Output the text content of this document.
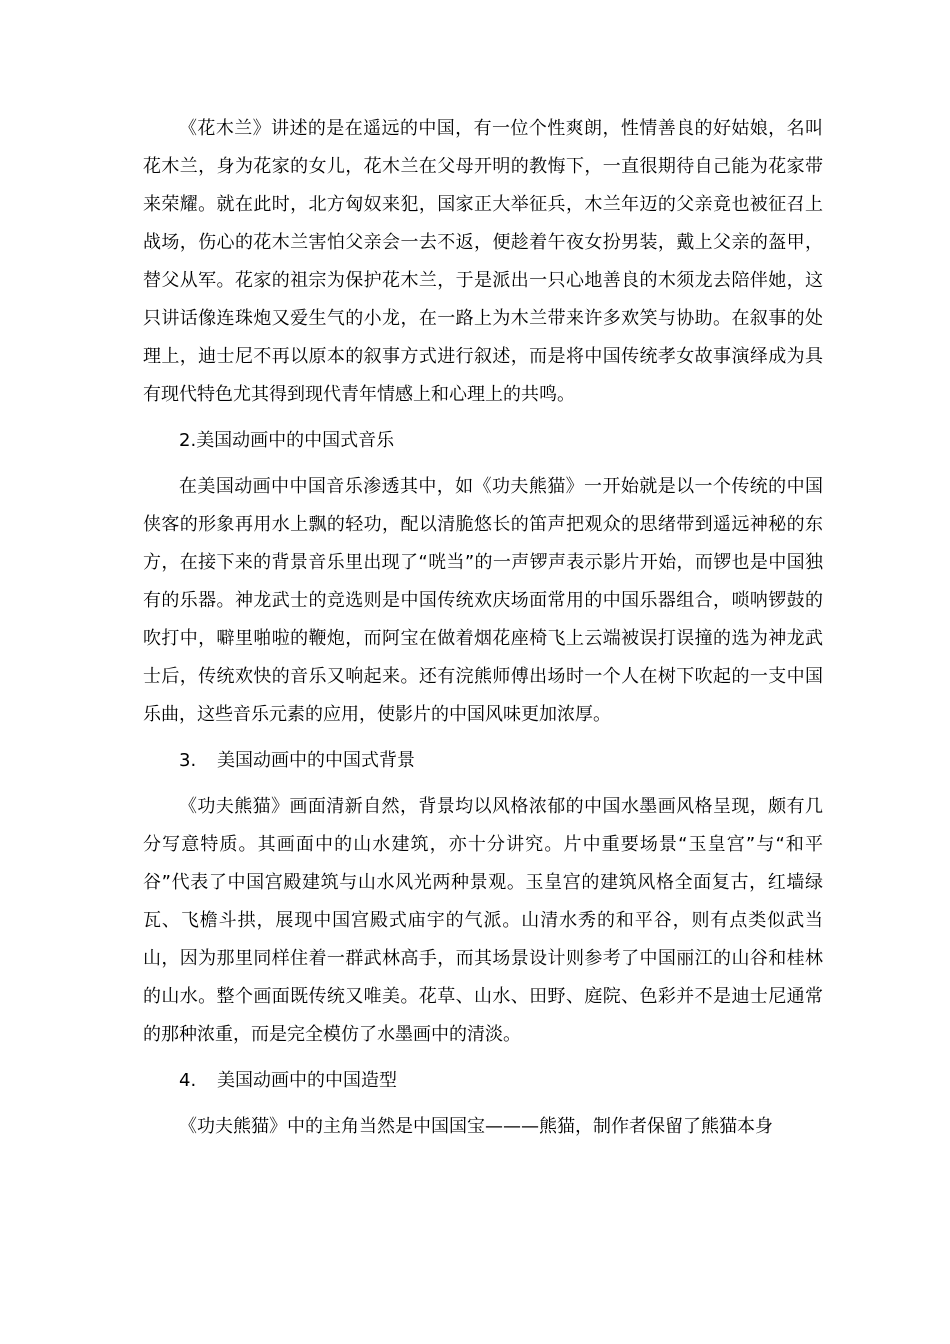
《花木兰》讲述的是在遥远的中国，有一位个性爽朗，性情善良的好姑娘，名叫花木兰，身为花家的女儿，花木兰在父母开明的教悔下，一直很期待自己能为花家带来荣耀。就在此时，北方匈奴来犯，国家正大举征兵，木兰年迈的父亲竟也被征召上战场，伤心的花木兰害怕父亲会一去不返，便趁着午夜女扮男装，戴上父亲的盔甲，替父从军。花家的祖宗为保护花木兰，于是派出一只心地善良的木须龙去陪伴她，这只讲话像连珠炮又爱生气的小龙，在一路上为木兰带来许多欢笑与协助。在叙事的处理上，迪士尼不再以原本的叙事方式进行叙述，而是将中国传统孝女故事演绎成为具有现代特色尤其得到现代青年情感上和心理上的共鸣。

2.美国动画中的中国式音乐

在美国动画中中国音乐渗透其中，如《功夫熊猫》一开始就是以一个传统的中国侠客的形象再用水上飘的轻功，配以清脆悠长的笛声把观众的思绪带到遥远神秘的东方，在接下来的背景音乐里出现了“咣当”的一声锣声表示影片开始，而锣也是中国独有的乐器。神龙武士的竞选则是中国传统欢庆场面常用的中国乐器组合，唢呐锣鼓的吹打中，噼里啪啦的鞭炮，而阿宝在做着烟花座椅飞上云端被误打误撞的选为神龙武士后，传统欢快的音乐又响起来。还有浣熊师傅出场时一个人在树下吹起的一支中国乐曲，这些音乐元素的应用，使影片的中国风味更加浓厚。

3. 美国动画中的中国式背景

《功夫熊猫》画面清新自然，背景均以风格浓郁的中国水墨画风格呈现，颇有几分写意特质。其画面中的山水建筑，亦十分讲究。片中重要场景“玉皇宫”与“和平谷”代表了中国宫殿建筑与山水风光两种景观。玉皇宫的建筑风格全面复古，红墙绿瓦、飞檐斗拱，展现中国宫殿式庙宇的气派。山清水秀的和平谷，则有点类似武当山，因为那里同样住着一群武林高手，而其场景设计则参考了中国丽江的山谷和桂林的山水。整个画面既传统又唯美。花草、山水、田野、庭院、色彩并不是迪士尼通常的那种浓重，而是完全模仿了水墨画中的清淡。

4. 美国动画中的中国造型

《功夫熊猫》中的主角当然是中国国宝———熊猫，制作者保留了熊猫本身
